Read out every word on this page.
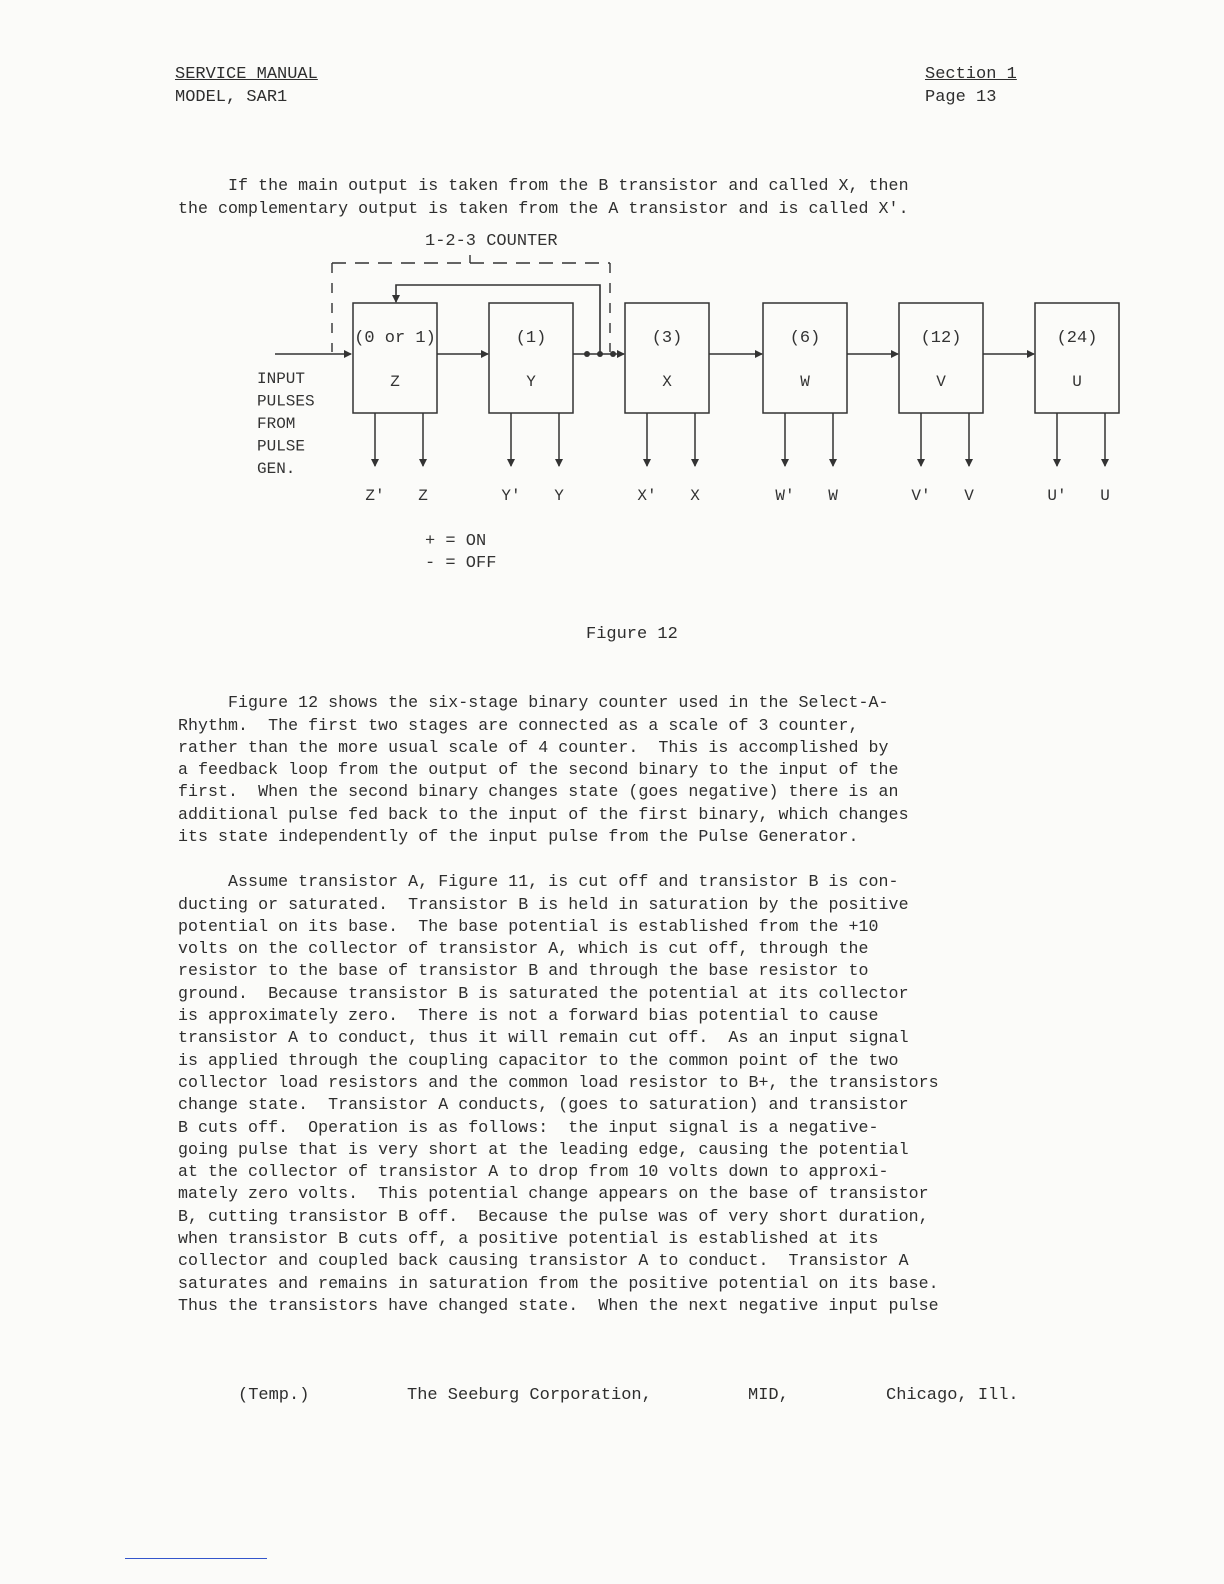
SERVICE MANUAL
MODEL, SAR1
Section 1
Page 13

If the main output is taken from the B transistor and called X, then
the complementary output is taken from the A transistor and is called X'.

1-2-3 COUNTER
INPUT
PULSES
FROM
PULSE
GEN.
(0 or 1)
Z
Z' Z
(1)
Y
Y' Y
(3)
X
X' X
(6)
W
W' W
(12)
V
V' V
(24)
U
U' U
+ = ON
- = OFF
Figure 12

Figure 12 shows the six-stage binary counter used in the Select-A-
Rhythm.  The first two stages are connected as a scale of 3 counter,
rather than the more usual scale of 4 counter.  This is accomplished by
a feedback loop from the output of the second binary to the input of the
first.  When the second binary changes state (goes negative) there is an
additional pulse fed back to the input of the first binary, which changes
its state independently of the input pulse from the Pulse Generator.

Assume transistor A, Figure 11, is cut off and transistor B is con-
ducting or saturated.  Transistor B is held in saturation by the positive
potential on its base.  The base potential is established from the +10
volts on the collector of transistor A, which is cut off, through the
resistor to the base of transistor B and through the base resistor to
ground.  Because transistor B is saturated the potential at its collector
is approximately zero.  There is not a forward bias potential to cause
transistor A to conduct, thus it will remain cut off.  As an input signal
is applied through the coupling capacitor to the common point of the two
collector load resistors and the common load resistor to B+, the transistors
change state.  Transistor A conducts, (goes to saturation) and transistor
B cuts off.  Operation is as follows:  the input signal is a negative-
going pulse that is very short at the leading edge, causing the potential
at the collector of transistor A to drop from 10 volts down to approxi-
mately zero volts.  This potential change appears on the base of transistor
B, cutting transistor B off.  Because the pulse was of very short duration,
when transistor B cuts off, a positive potential is established at its
collector and coupled back causing transistor A to conduct.  Transistor A
saturates and remains in saturation from the positive potential on its base.
Thus the transistors have changed state.  When the next negative input pulse

(Temp.)	The Seeburg Corporation,	MID,	Chicago, Ill.
